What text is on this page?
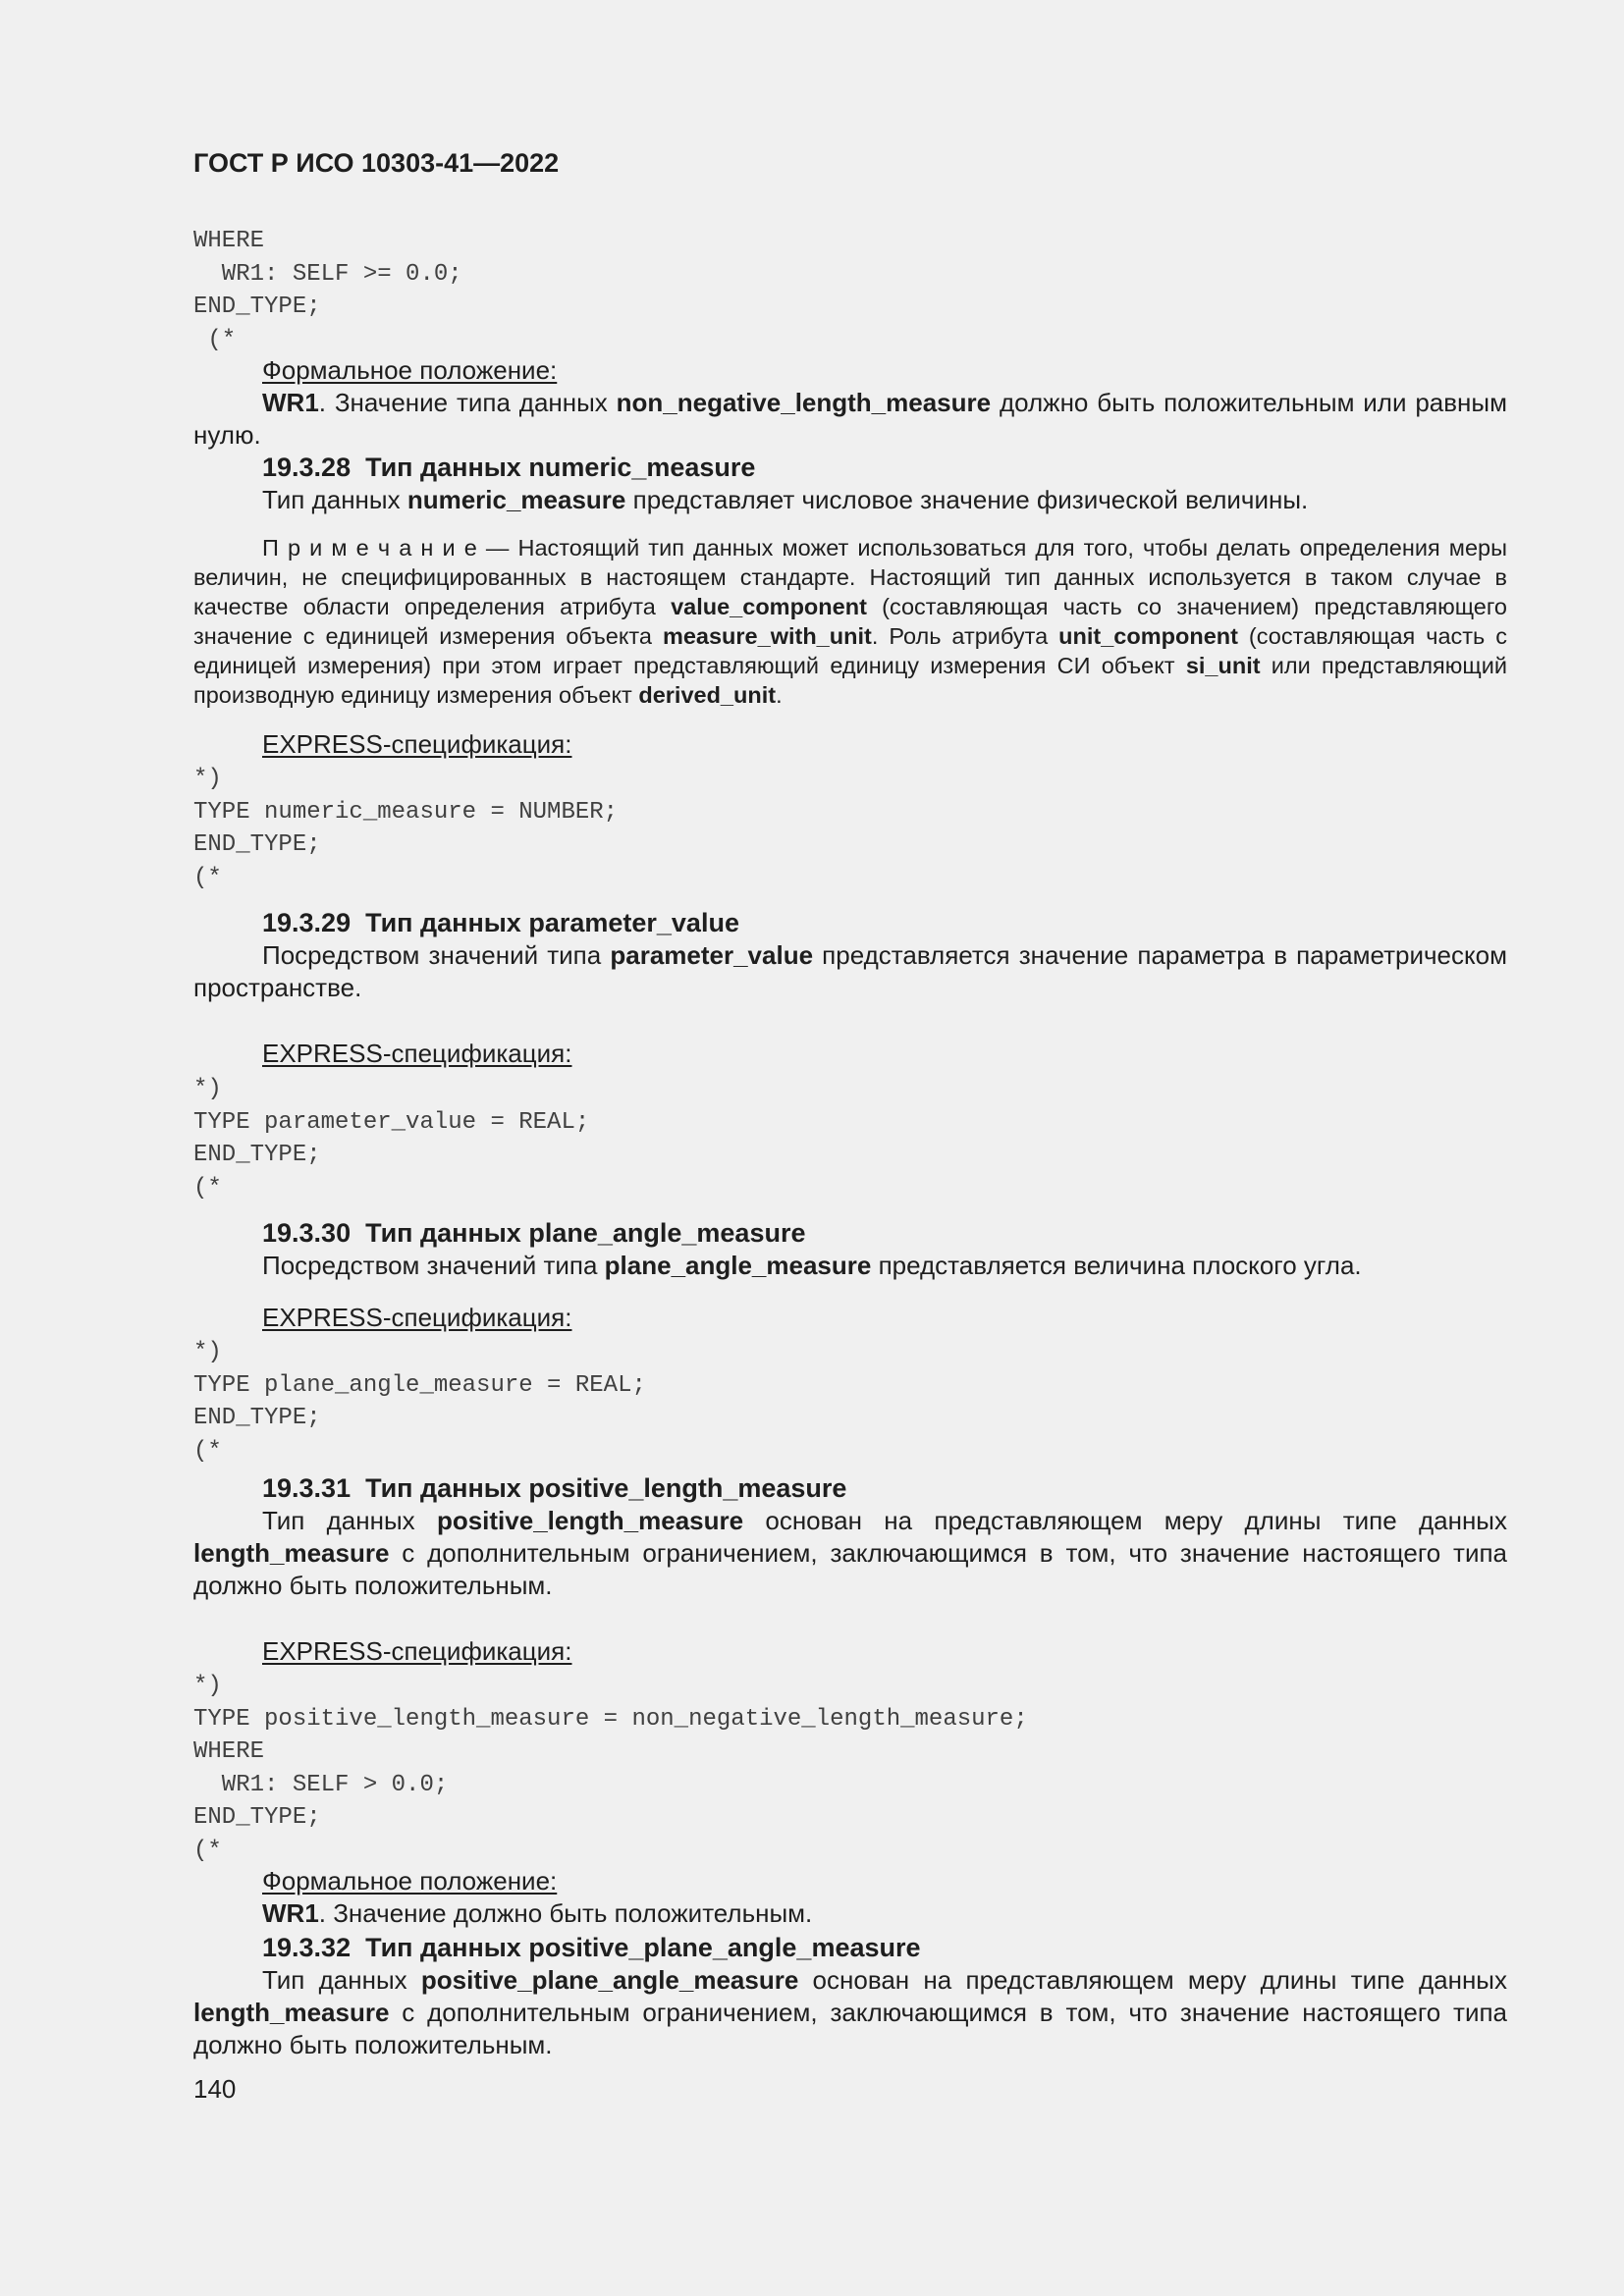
ГОСТ Р ИСО 10303-41—2022
WHERE
WR1: SELF >= 0.0;
END_TYPE;
(*
Формальное положение:

WR1. Значение типа данных non_negative_length_measure должно быть положительным или равным нулю.

19.3.28 Тип данных numeric_measure

Тип данных numeric_measure представляет числовое значение физической величины.

П р и м е ч а н и е — Настоящий тип данных может использоваться для того, чтобы делать определения меры величин, не специфицированных в настоящем стандарте. Настоящий тип данных используется в таком случае в качестве области определения атрибута value_component (составляющая часть со значением) представляющего значение с единицей измерения объекта measure_with_unit. Роль атрибута unit_component (составляющая часть с единицей измерения) при этом играет представляющий единицу измерения СИ объект si_unit или представляющий производную единицу измерения объект derived_unit.

EXPRESS-спецификация:
*)
TYPE numeric_measure = NUMBER;
END_TYPE;
(*
19.3.29 Тип данных parameter_value

Посредством значений типа parameter_value представляется значение параметра в параметрическом пространстве.

EXPRESS-спецификация:
*)
TYPE parameter_value = REAL;
END_TYPE;
(*
19.3.30 Тип данных plane_angle_measure

Посредством значений типа plane_angle_measure представляется величина плоского угла.

EXPRESS-спецификация:
*)
TYPE plane_angle_measure = REAL;
END_TYPE;
(*
19.3.31 Тип данных positive_length_measure

Тип данных positive_length_measure основан на представляющем меру длины типе данных length_measure с дополнительным ограничением, заключающимся в том, что значение настоящего типа должно быть положительным.

EXPRESS-спецификация:
*)
TYPE positive_length_measure = non_negative_length_measure;
WHERE
WR1: SELF > 0.0;
END_TYPE;
(*
Формальное положение:

WR1. Значение должно быть положительным.

19.3.32 Тип данных positive_plane_angle_measure

Тип данных positive_plane_angle_measure основан на представляющем меру длины типе данных length_measure с дополнительным ограничением, заключающимся в том, что значение настоящего типа должно быть положительным.

140
